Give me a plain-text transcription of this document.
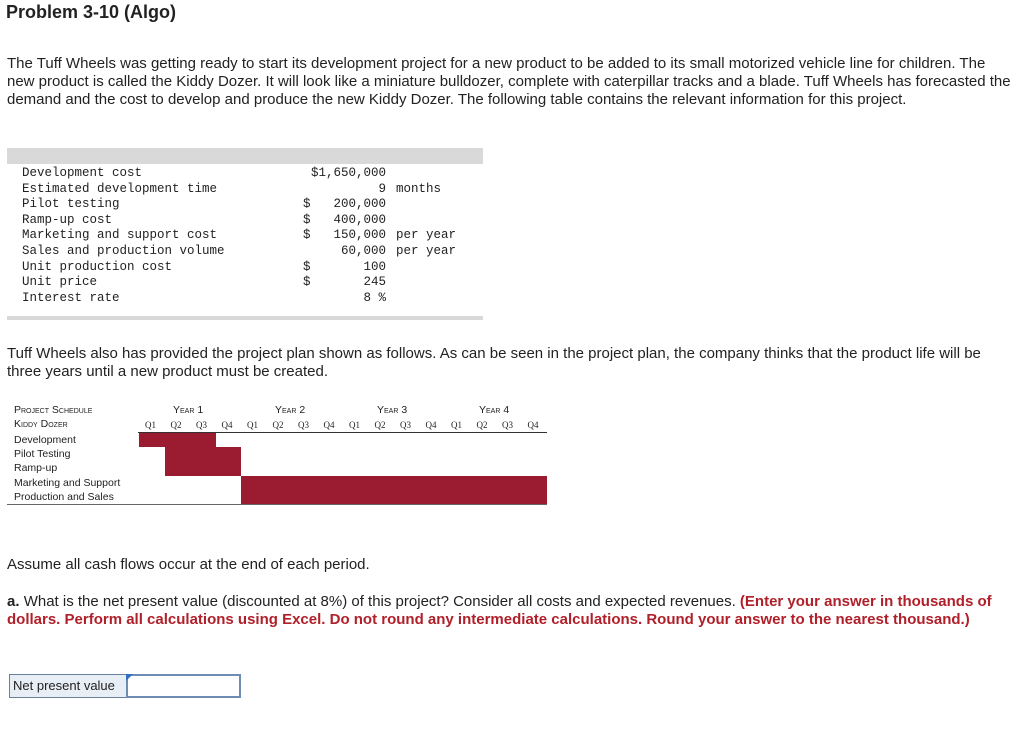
Problem 3-10 (Algo)
The Tuff Wheels was getting ready to start its development project for a new product to be added to its small motorized vehicle line for children. The new product is called the Kiddy Dozer. It will look like a miniature bulldozer, complete with caterpillar tracks and a blade. Tuff Wheels has forecasted the demand and the cost to develop and produce the new Kiddy Dozer. The following table contains the relevant information for this project.
Development cost	$1,650,000
Estimated development time	9 months
Pilot testing	$ 200,000
Ramp-up cost	$ 400,000
Marketing and support cost	$ 150,000 per year
Sales and production volume	60,000 per year
Unit production cost	$	100
Unit price	$	245
Interest rate	8 %
Tuff Wheels also has provided the project plan shown as follows. As can be seen in the project plan, the company thinks that the product life will be three years until a new product must be created.
Project Schedule
Kiddy Dozer
Year 1	Year 2	Year 3	Year 4
Q1 Q2 Q3 Q4 Q1 Q2 Q3 Q4 Q1 Q2 Q3 Q4 Q1 Q2 Q3 Q4
Development
Pilot Testing
Ramp-up
Marketing and Support
Production and Sales
Assume all cash flows occur at the end of each period.
a. What is the net present value (discounted at 8%) of this project? Consider all costs and expected revenues. (Enter your answer in thousands of dollars. Perform all calculations using Excel. Do not round any intermediate calculations. Round your answer to the nearest thousand.)
Net present value
